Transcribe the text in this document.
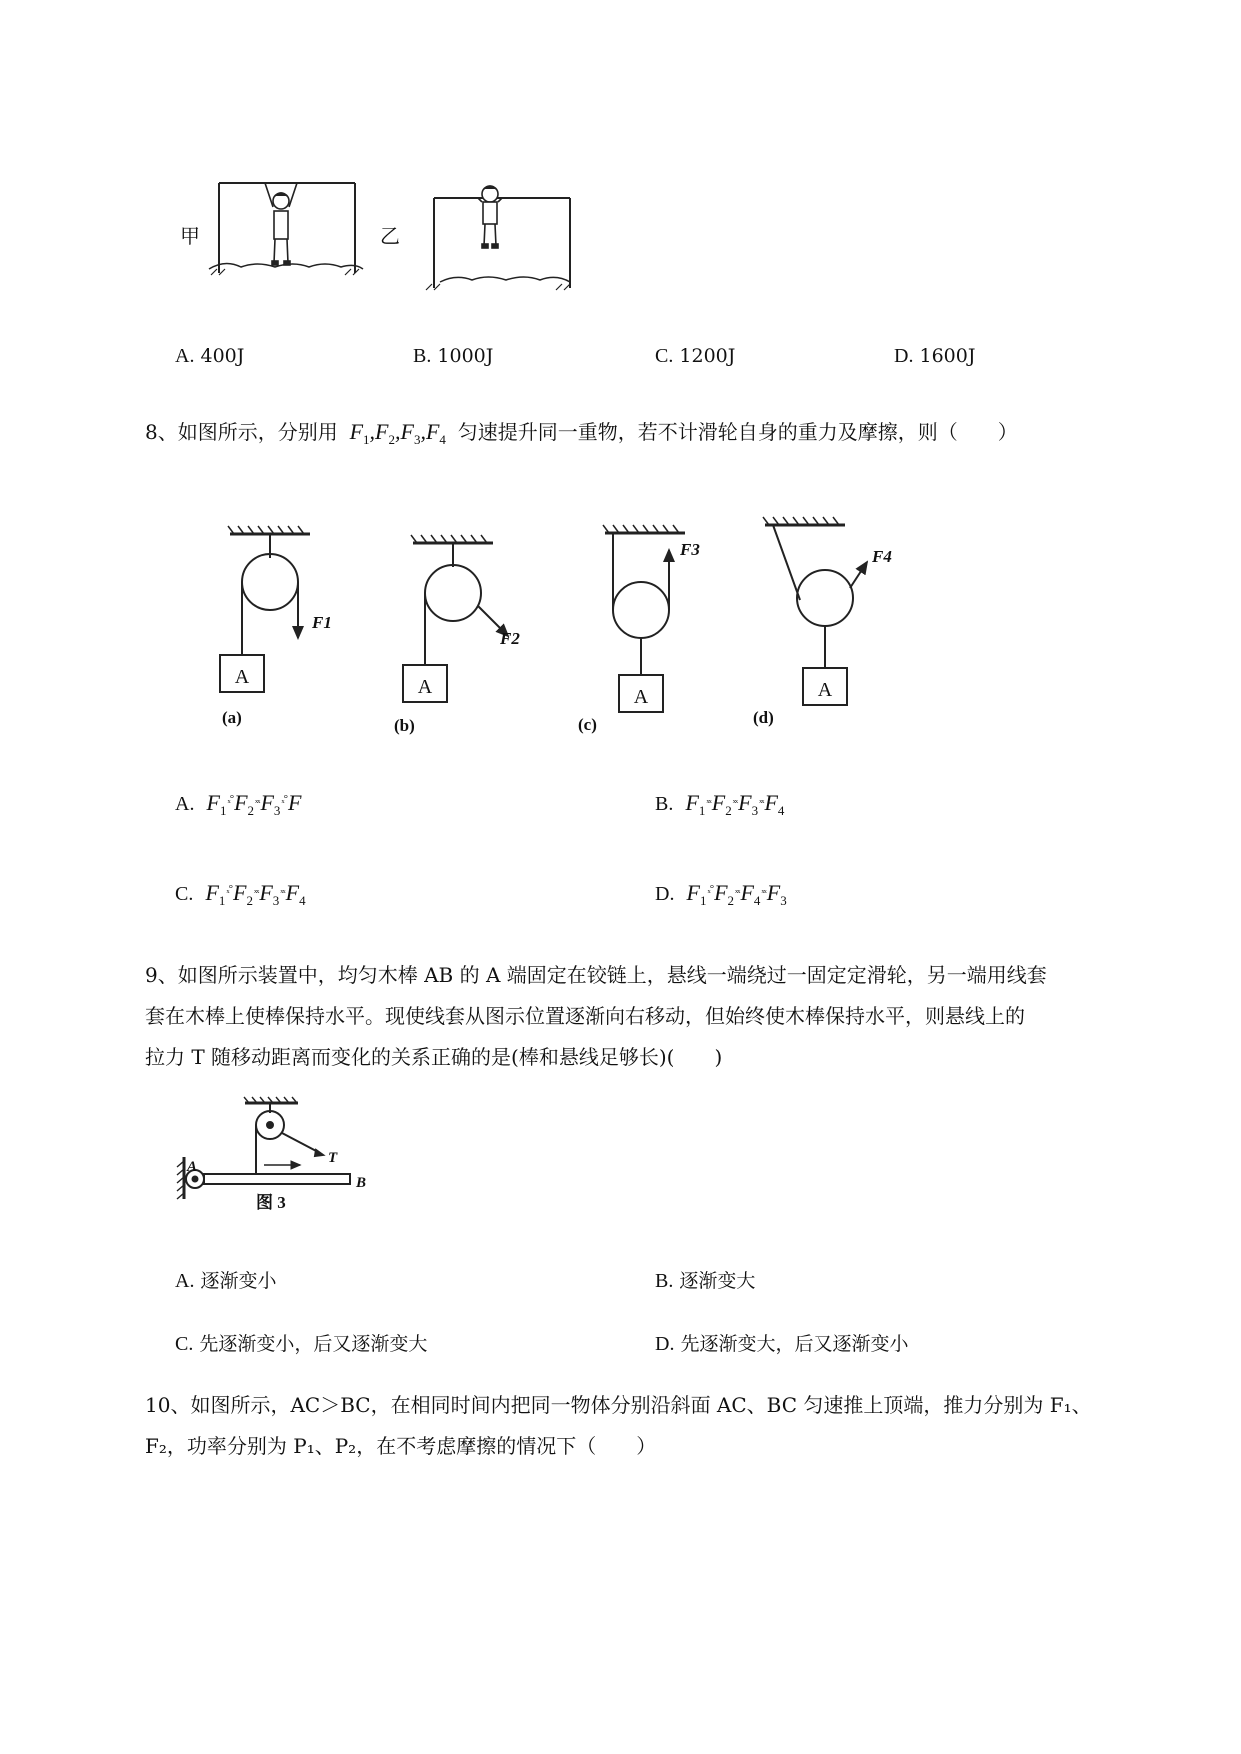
甲	乙
A. 400J	B. 1000J	C. 1200J	D. 1600J
8、如图所示，分别用  $F_1,F_2,F_3,F_4$ 匀速提升同一重物，若不计滑轮自身的重力及摩擦，则（　　）
A	A	A	A
F1
F2
F3	F4
(a)	(b)	(c)	(d)
A. $F_1^{_x^\circ}F_2^{_{xx}}F_3^{_x^\circ}F$	B. $F_1^{_{xx}}F_2^{_{xx}}F_3^{_{xx}}F_4$
C. $F_1^{_x^\circ}F_2^{_{xx}}F_3^{_{xx}}F_4$	D. $F_1^{_x^\circ}F_2^{_{xx}}F_4^{_{xx}}F_3$
9、如图所示装置中，均匀木棒 AB 的 A 端固定在铰链上，悬线一端绕过一固定定滑轮，另一端用线套
套在木棒上使棒保持水平。现使线套从图示位置逐渐向右移动，但始终使木棒保持水平，则悬线上的
拉力 T 随移动距离而变化的关系正确的是(棒和悬线足够长)(　　)
A
B
T
图 3
A. 逐渐变小	B. 逐渐变大
C. 先逐渐变小，后又逐渐变大	D. 先逐渐变大，后又逐渐变小
10、如图所示，AC＞BC，在相同时间内把同一物体分别沿斜面 AC、BC 匀速推上顶端，推力分别为 F₁、
F₂，功率分别为 P₁、P₂，在不考虑摩擦的情况下（　　）
